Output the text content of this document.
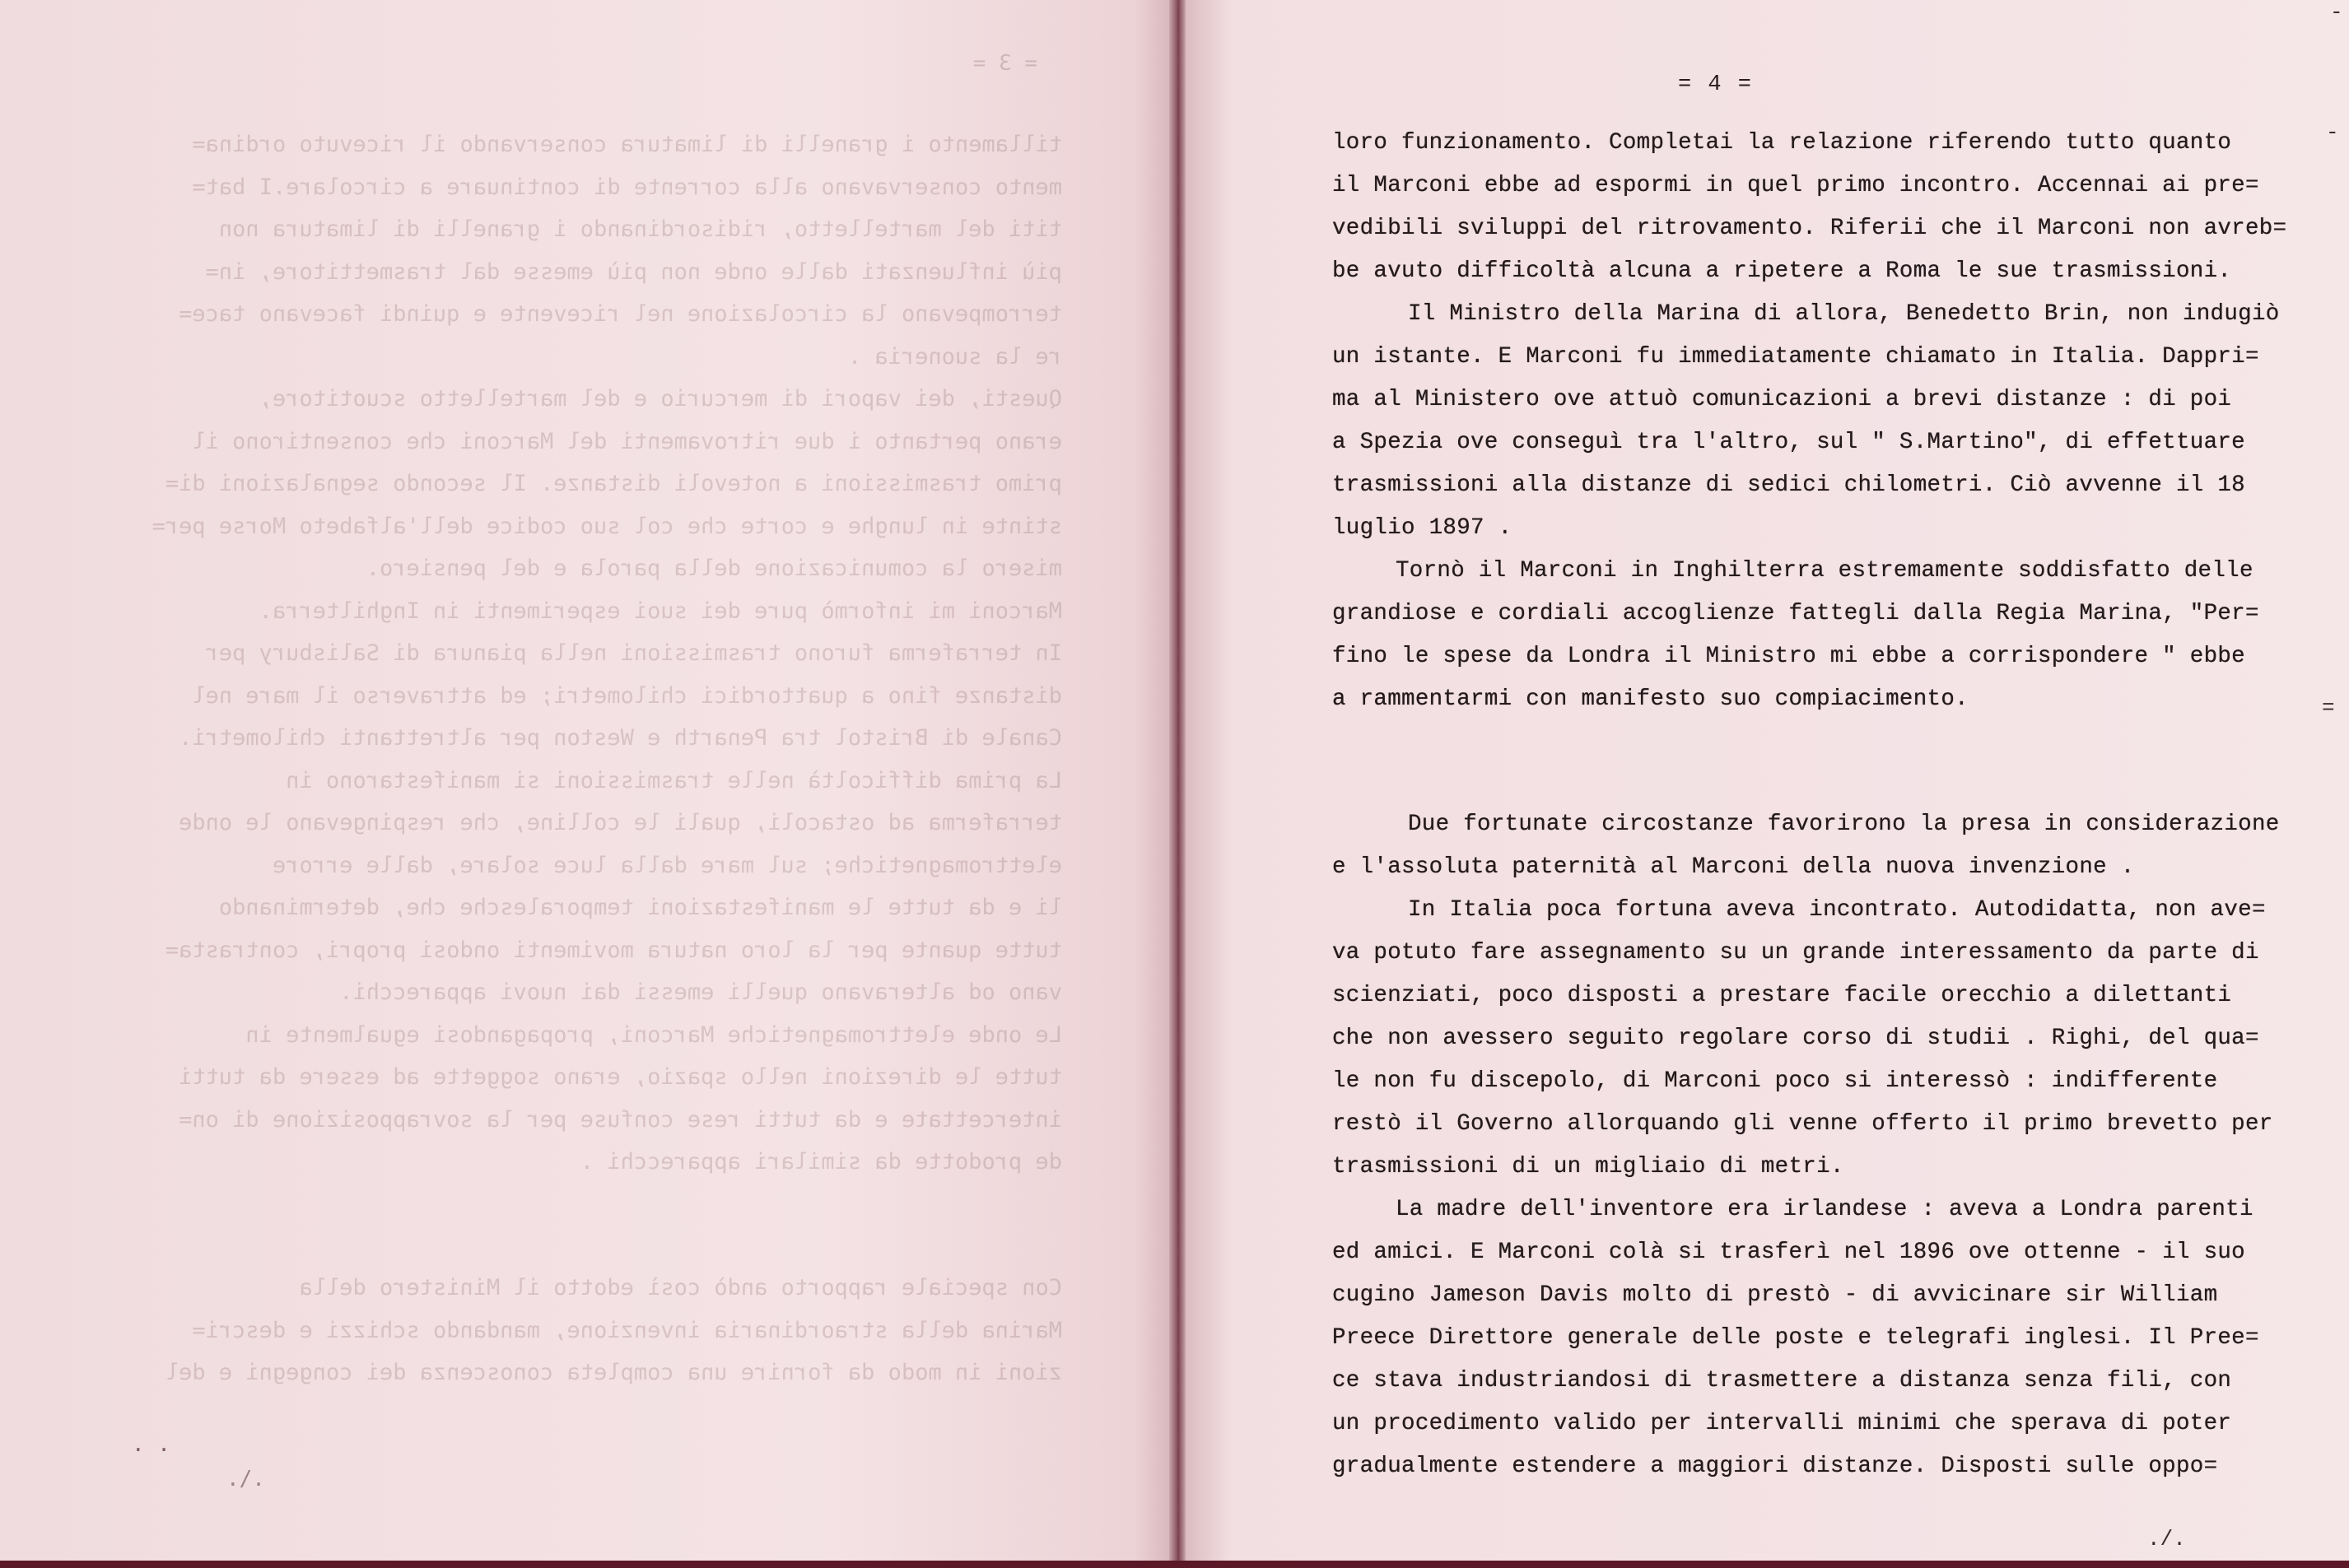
= 3 =
tillamento i granelli di limatura conservando il ricevuto ordina=
mento conservavano alla corrente di continuare a circolare.I bat=
titi del martelletto, ridisordinando i granelli di limatura non
più influenzati dalle onde non più emesse dal trasmettitore, in=
terrompevano la circolazione nel ricevente e quindi facevano tace=
re la suoneria .
Questi, dei vapori di mercurio e del martelletto scuotitore,
erano pertanto i due ritrovamenti del Marconi che consentirono il
primo trasmissioni a notevoli distanze. Il secondo segnalazioni di=
stinte in lunghe e corte che col suo codice dell'alfabeto Morse per=
misero la comunicazione della parola e del pensiero.
Marconi mi informò pure dei suoi esperimenti in Inghilterra.
In terraferma furono trasmissioni nella pianura di Salisbury per
distanze fino a quattordici chilometri; ed attraverso il mare nel
Canale di Bristol tra Penarth e Weston per altrettanti chilometri.
La prima difficoltà nelle trasmissioni si manifestarono in
terraferma ad ostacoli, quali le colline, che respingevano le onde
elettromagnetiche; sul mare dalla luce solare, dalle errore
li e da tutte le manifestazioni temporalesche che, determinando
tutte quante per la loro natura movimenti ondosi propri, contrasta=
vano od alteravano quelli emessi dai nuovi apparecchi.
Le onde elettromagnetiche Marconi, propagandosi egualmente in
tutte le direzioni nello spazio, erano soggette ad essere da tutti
intercettate e da tutti rese confuse per la sovrapposizione di on=
de prodotte da similari apparecchi .
Con speciale rapporto andò così edotto il Ministero della
Marina della straordinaria invenzione, mandando schizzi e descri=
zioni in modo da fornire una completa conoscenza dei congegni e del
. .
./.
= 4 =
loro funzionamento. Completai la relazione riferendo tutto quanto
il Marconi ebbe ad espormi in quel primo incontro. Accennai ai pre=
vedibili sviluppi del ritrovamento. Riferii che il Marconi non avreb=
be avuto difficoltà alcuna a ripetere a Roma le sue trasmissioni.
Il Ministro della Marina di allora, Benedetto Brin, non indugiò
un istante. E Marconi fu immediatamente chiamato in Italia. Dappri=
ma al Ministero ove attuò comunicazioni a brevi distanze : di poi
a Spezia ove conseguì tra l'altro, sul " S.Martino", di effettuare
trasmissioni alla distanze di sedici chilometri. Ciò avvenne il 18
luglio 1897 .
Tornò il Marconi in Inghilterra estremamente soddisfatto delle
grandiose e cordiali accoglienze fattegli dalla Regia Marina, "Per=
fino le spese da Londra il Ministro mi ebbe a corrispondere " ebbe
a rammentarmi con manifesto suo compiacimento.
Due fortunate circostanze favorirono la presa in considerazione
e l'assoluta paternità al Marconi della nuova invenzione .
In Italia poca fortuna aveva incontrato. Autodidatta, non ave=
va potuto fare assegnamento su un grande interessamento da parte di
scienziati, poco disposti a prestare facile orecchio a dilettanti
che non avessero seguito regolare corso di studii . Righi, del qua=
le non fu discepolo, di Marconi poco si interessò : indifferente
restò il Governo allorquando gli venne offerto il primo brevetto per
trasmissioni di un migliaio di metri.
La madre dell'inventore era irlandese : aveva a Londra parenti
ed amici. E Marconi colà si trasferì nel 1896 ove ottenne - il suo
cugino Jameson Davis molto di prestò - di avvicinare sir William
Preece Direttore generale delle poste e telegrafi inglesi. Il Pree=
ce stava industriandosi di trasmettere a distanza senza fili, con
un procedimento valido per intervalli minimi che sperava di poter
gradualmente estendere a maggiori distanze. Disposti sulle oppo=
./.
-
=
-
